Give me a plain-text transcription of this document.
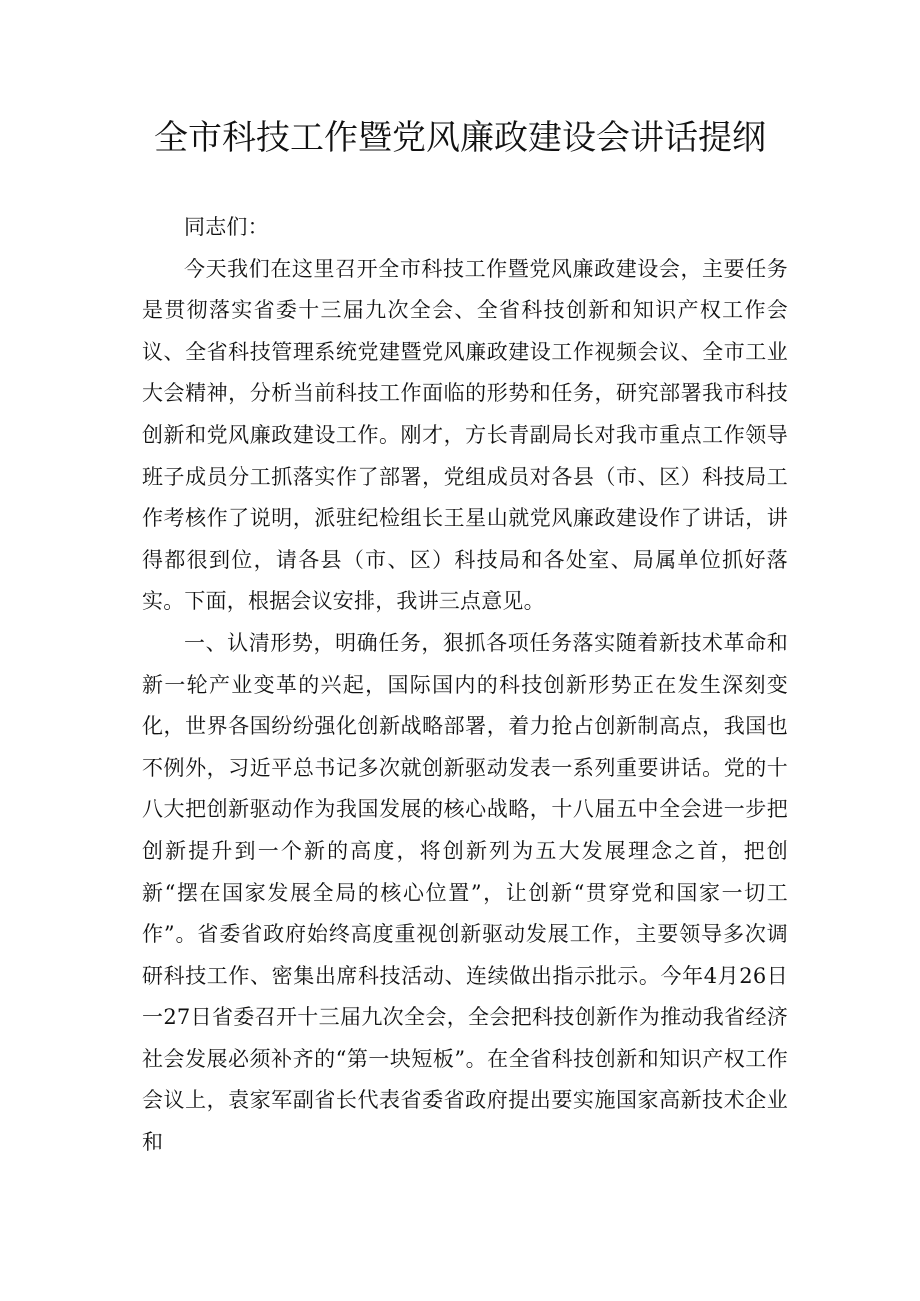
全市科技工作暨党风廉政建设会讲话提纲

同志们：

今天我们在这里召开全市科技工作暨党风廉政建设会，主要任务是贯彻落实省委十三届九次全会、全省科技创新和知识产权工作会议、全省科技管理系统党建暨党风廉政建设工作视频会议、全市工业大会精神，分析当前科技工作面临的形势和任务，研究部署我市科技创新和党风廉政建设工作。刚才，方长青副局长对我市重点工作领导班子成员分工抓落实作了部署，党组成员对各县（市、区）科技局工作考核作了说明，派驻纪检组长王星山就党风廉政建设作了讲话，讲得都很到位，请各县（市、区）科技局和各处室、局属单位抓好落实。下面，根据会议安排，我讲三点意见。

一、认清形势，明确任务，狠抓各项任务落实随着新技术革命和新一轮产业变革的兴起，国际国内的科技创新形势正在发生深刻变化，世界各国纷纷强化创新战略部署，着力抢占创新制高点，我国也不例外，习近平总书记多次就创新驱动发表一系列重要讲话。党的十八大把创新驱动作为我国发展的核心战略，十八届五中全会进一步把创新提升到一个新的高度，将创新列为五大发展理念之首，把创新“摆在国家发展全局的核心位置”，让创新“贯穿党和国家一切工作”。省委省政府始终高度重视创新驱动发展工作，主要领导多次调研科技工作、密集出席科技活动、连续做出指示批示。今年4月26日一27日省委召开十三届九次全会，全会把科技创新作为推动我省经济社会发展必须补齐的“第一块短板”。在全省科技创新和知识产权工作会议上，袁家军副省长代表省委省政府提出要实施国家高新技术企业和
